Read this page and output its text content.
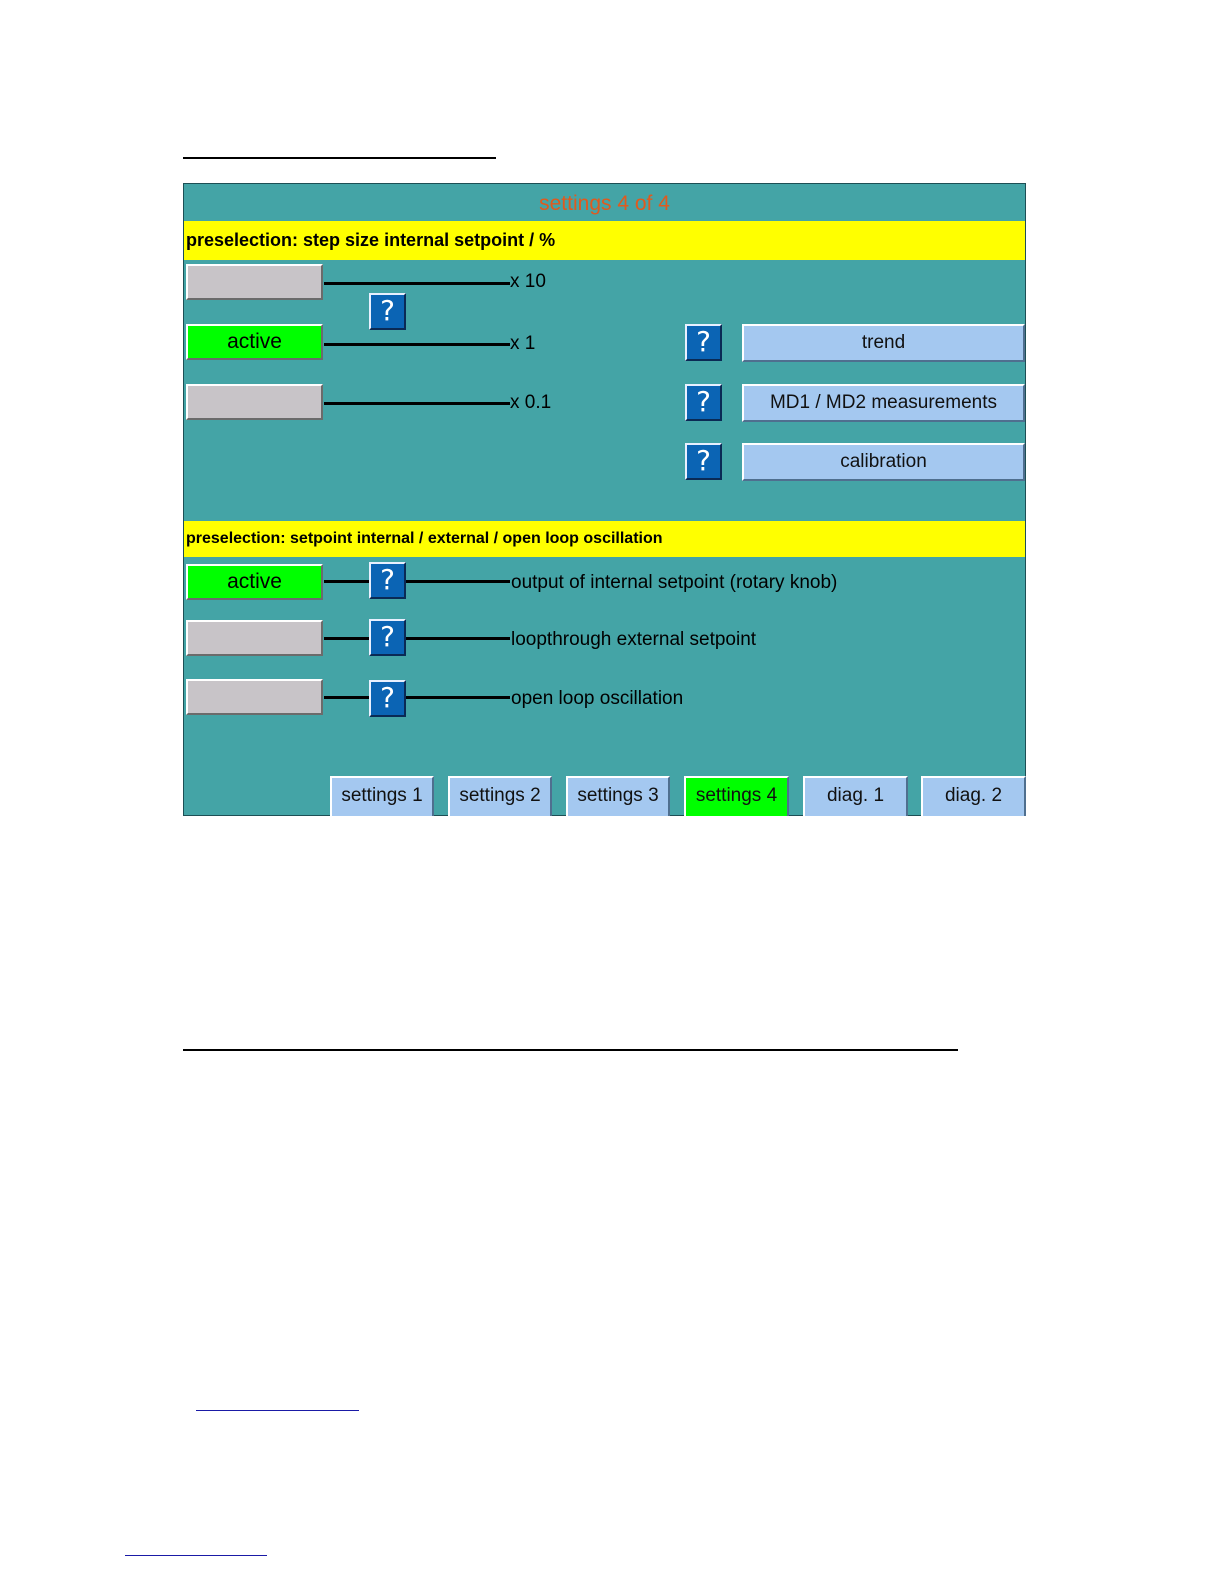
settings 4 of 4
preselection: step size internal setpoint / %
x 10
?
active	x 1
x 0.1
?	trend
?	MD1 / MD2 measurements
?	calibration
preselection: setpoint internal / external / open loop oscillation
active	?	output of internal setpoint (rotary knob)
?	loopthrough external setpoint
?	open loop oscillation
settings 1	settings 2	settings 3	settings 4	diag. 1	diag. 2
